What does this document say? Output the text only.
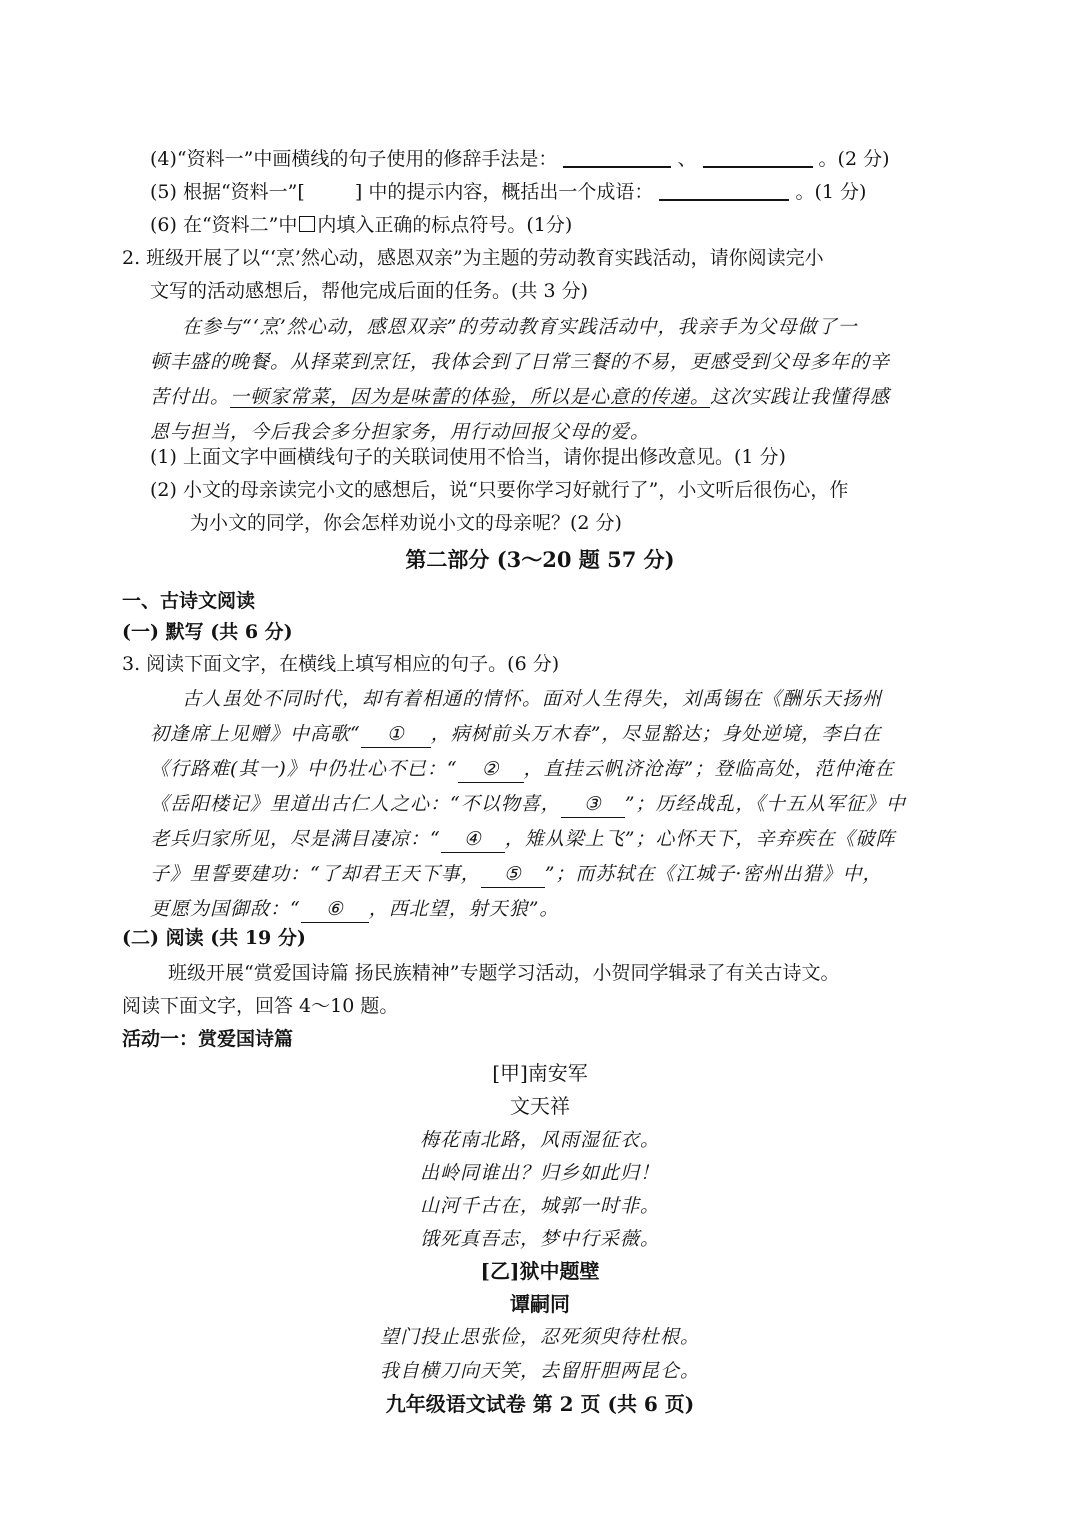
(4)“资料一”中画横线的句子使用的修辞手法是：	、	。(2 分)
(5) 根据“资料一”[	] 中的提示内容，概括出一个成语：	。(1 分)
(6) 在“资料二”中 内填入正确的标点符号。(1分)
2. 班级开展了以“‘烹’然心动，感恩双亲”为主题的劳动教育实践活动，请你阅读完小
文写的活动感想后，帮他完成后面的任务。(共 3 分)
在参与“‘烹’然心动，感恩双亲”的劳动教育实践活动中，我亲手为父母做了一
顿丰盛的晚餐。从择菜到烹饪，我体会到了日常三餐的不易，更感受到父母多年的辛
苦付出。一顿家常菜，因为是味蕾的体验，所以是心意的传递。这次实践让我懂得感
恩与担当，今后我会多分担家务，用行动回报父母的爱。
(1) 上面文字中画横线句子的关联词使用不恰当，请你提出修改意见。(1 分)
(2) 小文的母亲读完小文的感想后，说“只要你学习好就行了”，小文听后很伤心，作
为小文的同学，你会怎样劝说小文的母亲呢？(2 分)
第二部分 (3～20 题 57 分)
一、古诗文阅读
(一) 默写 (共 6 分)
3. 阅读下面文字，在横线上填写相应的句子。(6 分)
古人虽处不同时代，却有着相通的情怀。面对人生得失，刘禹锡在《酬乐天扬州
初逢席上见赠》中高歌“ ① ，病树前头万木春”，尽显豁达；身处逆境，李白在
《行路难(其一)》中仍壮心不已：“ ② ，直挂云帆济沧海”；登临高处，范仲淹在
《岳阳楼记》里道出古仁人之心：“不以物喜， ③ ”；历经战乱，《十五从军征》中
老兵归家所见，尽是满目凄凉：“ ④ ，雉从梁上飞”；心怀天下，辛弃疾在《破阵
子》里誓要建功：“了却君王天下事， ⑤ ”；而苏轼在《江城子·密州出猎》中，
更愿为国御敌：“ ⑥ ，西北望，射天狼”。
(二) 阅读 (共 19 分)
班级开展“赏爱国诗篇 扬民族精神”专题学习活动，小贺同学辑录了有关古诗文。
阅读下面文字，回答 4～10 题。
活动一：赏爱国诗篇
[甲]南安军
文天祥
梅花南北路，风雨湿征衣。
出岭同谁出？归乡如此归！
山河千古在，城郭一时非。
饿死真吾志，梦中行采薇。
[乙]狱中题壁
谭嗣同
望门投止思张俭，忍死须臾待杜根。
我自横刀向天笑，去留肝胆两昆仑。
九年级语文试卷 第 2 页 (共 6 页)
